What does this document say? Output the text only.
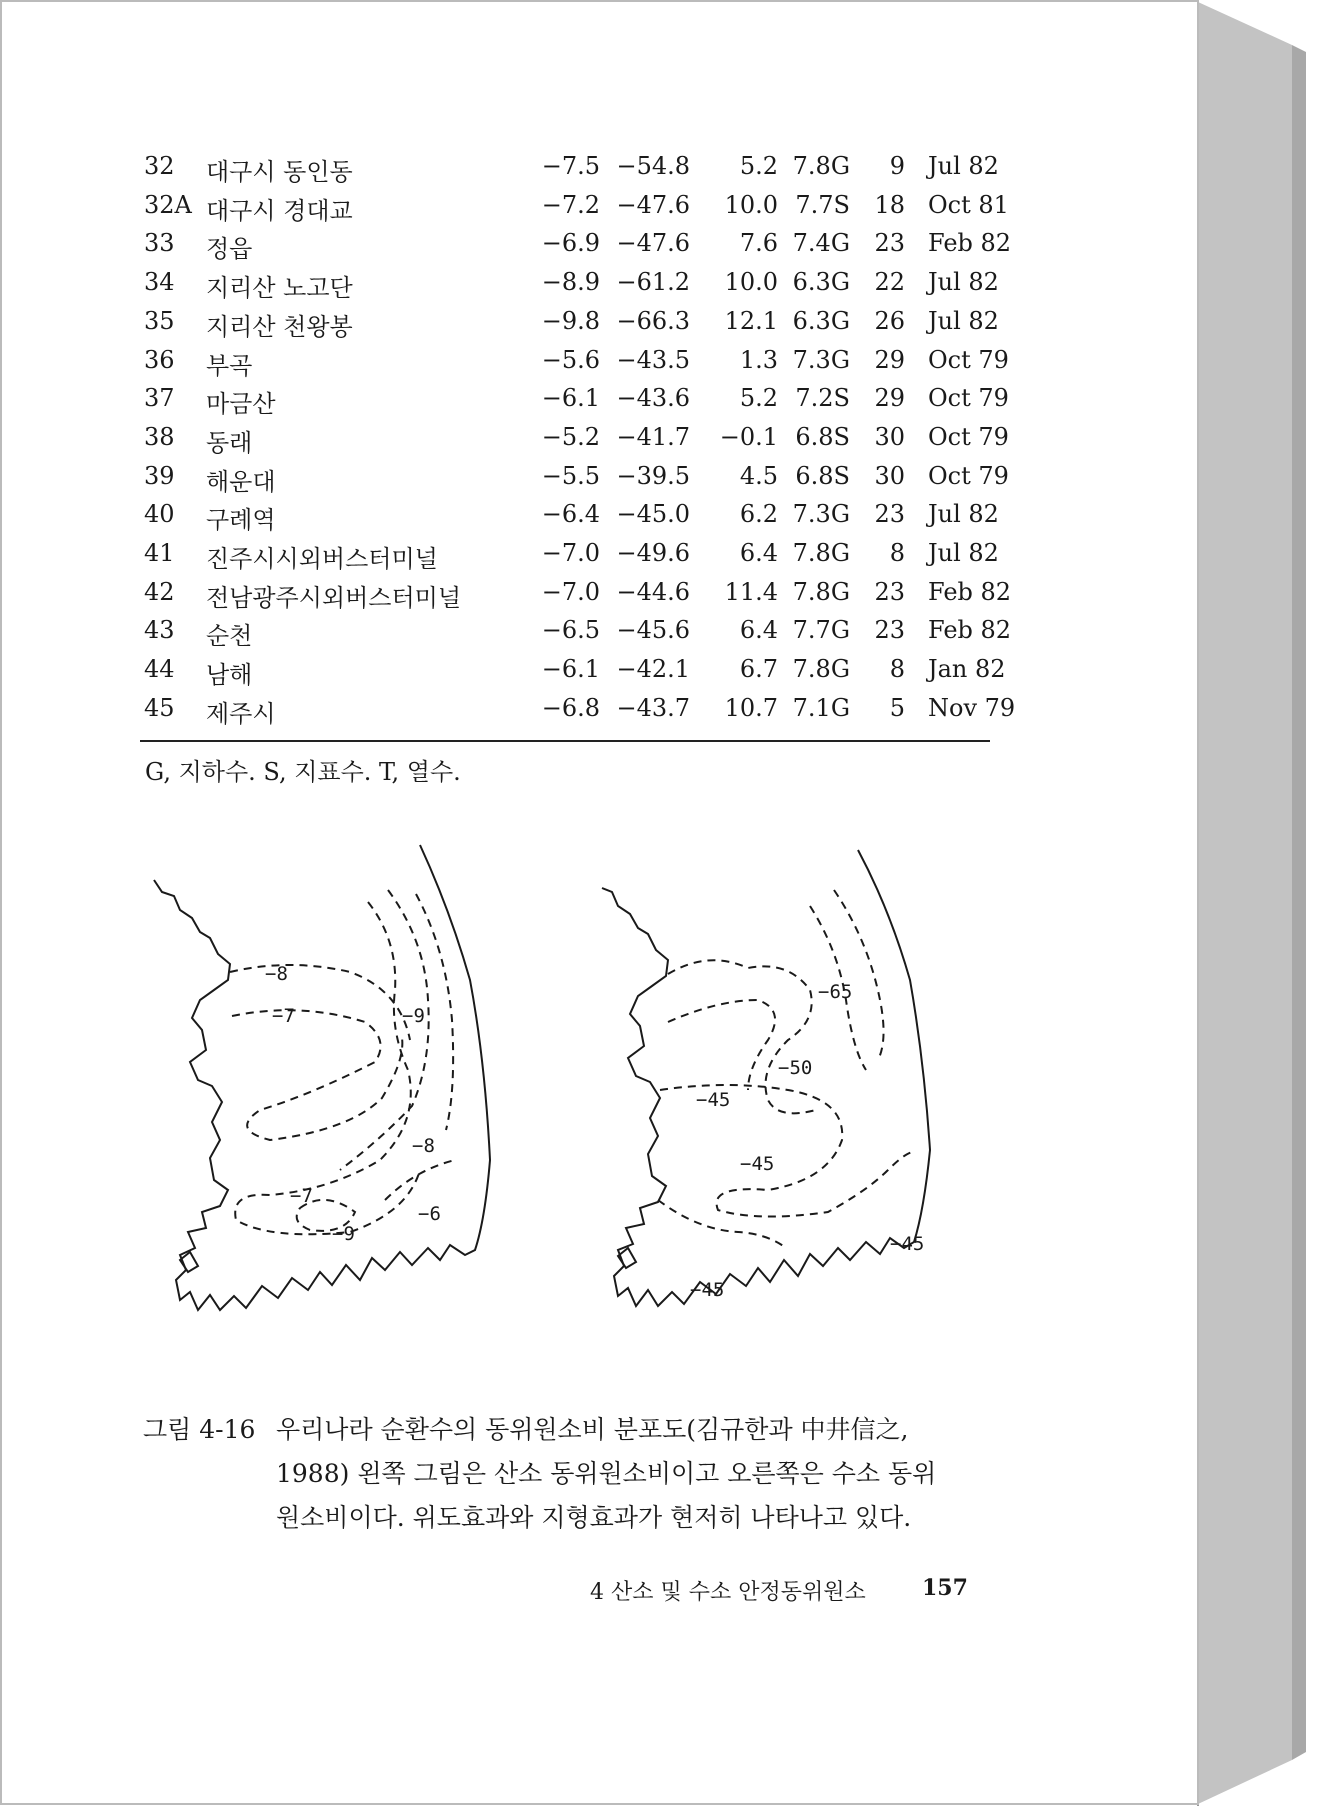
32 대구시 동인동	−7.5 −54.8 5.2 7.8G 9 Jul 82
32A 대구시 경대교	−7.2 −47.6 10.0 7.7S 18 Oct 81
33 정읍	−6.9 −47.6 7.6 7.4G 23 Feb 82
34 지리산 노고단	−8.9 −61.2 10.0 6.3G 22 Jul 82
35 지리산 천왕봉	−9.8 −66.3 12.1 6.3G 26 Jul 82
36 부곡	−5.6 −43.5 1.3 7.3G 29 Oct 79
37 마금산	−6.1 −43.6 5.2 7.2S 29 Oct 79
38 동래	−5.2 −41.7 −0.1 6.8S 30 Oct 79
39 해운대	−5.5 −39.5 4.5 6.8S 30 Oct 79
40 구례역	−6.4 −45.0 6.2 7.3G 23 Jul 82
41 진주시시외버스터미널	−7.0 −49.6 6.4 7.8G 8 Jul 82
42 전남광주시외버스터미널	−7.0 −44.6 11.4 7.8G 23 Feb 82
43 순천	−6.5 −45.6 6.4 7.7G 23 Feb 82
44 남해	−6.1 −42.1 6.7 7.8G 8 Jan 82
45 제주시	−6.8 −43.7 10.7 7.1G 5 Nov 79
G, 지하수. S, 지표수. T, 열수.
−8
−7	−9
−8
−7
−6
−9
−65
−50
−45
−45
−45
−45
그림 4-16 우리나라 순환수의 동위원소비 분포도(김규한과 中井信之,
1988) 왼쪽 그림은 산소 동위원소비이고 오른쪽은 수소 동위
원소비이다. 위도효과와 지형효과가 현저히 나타나고 있다.
4 산소 및 수소 안정동위원소	157
